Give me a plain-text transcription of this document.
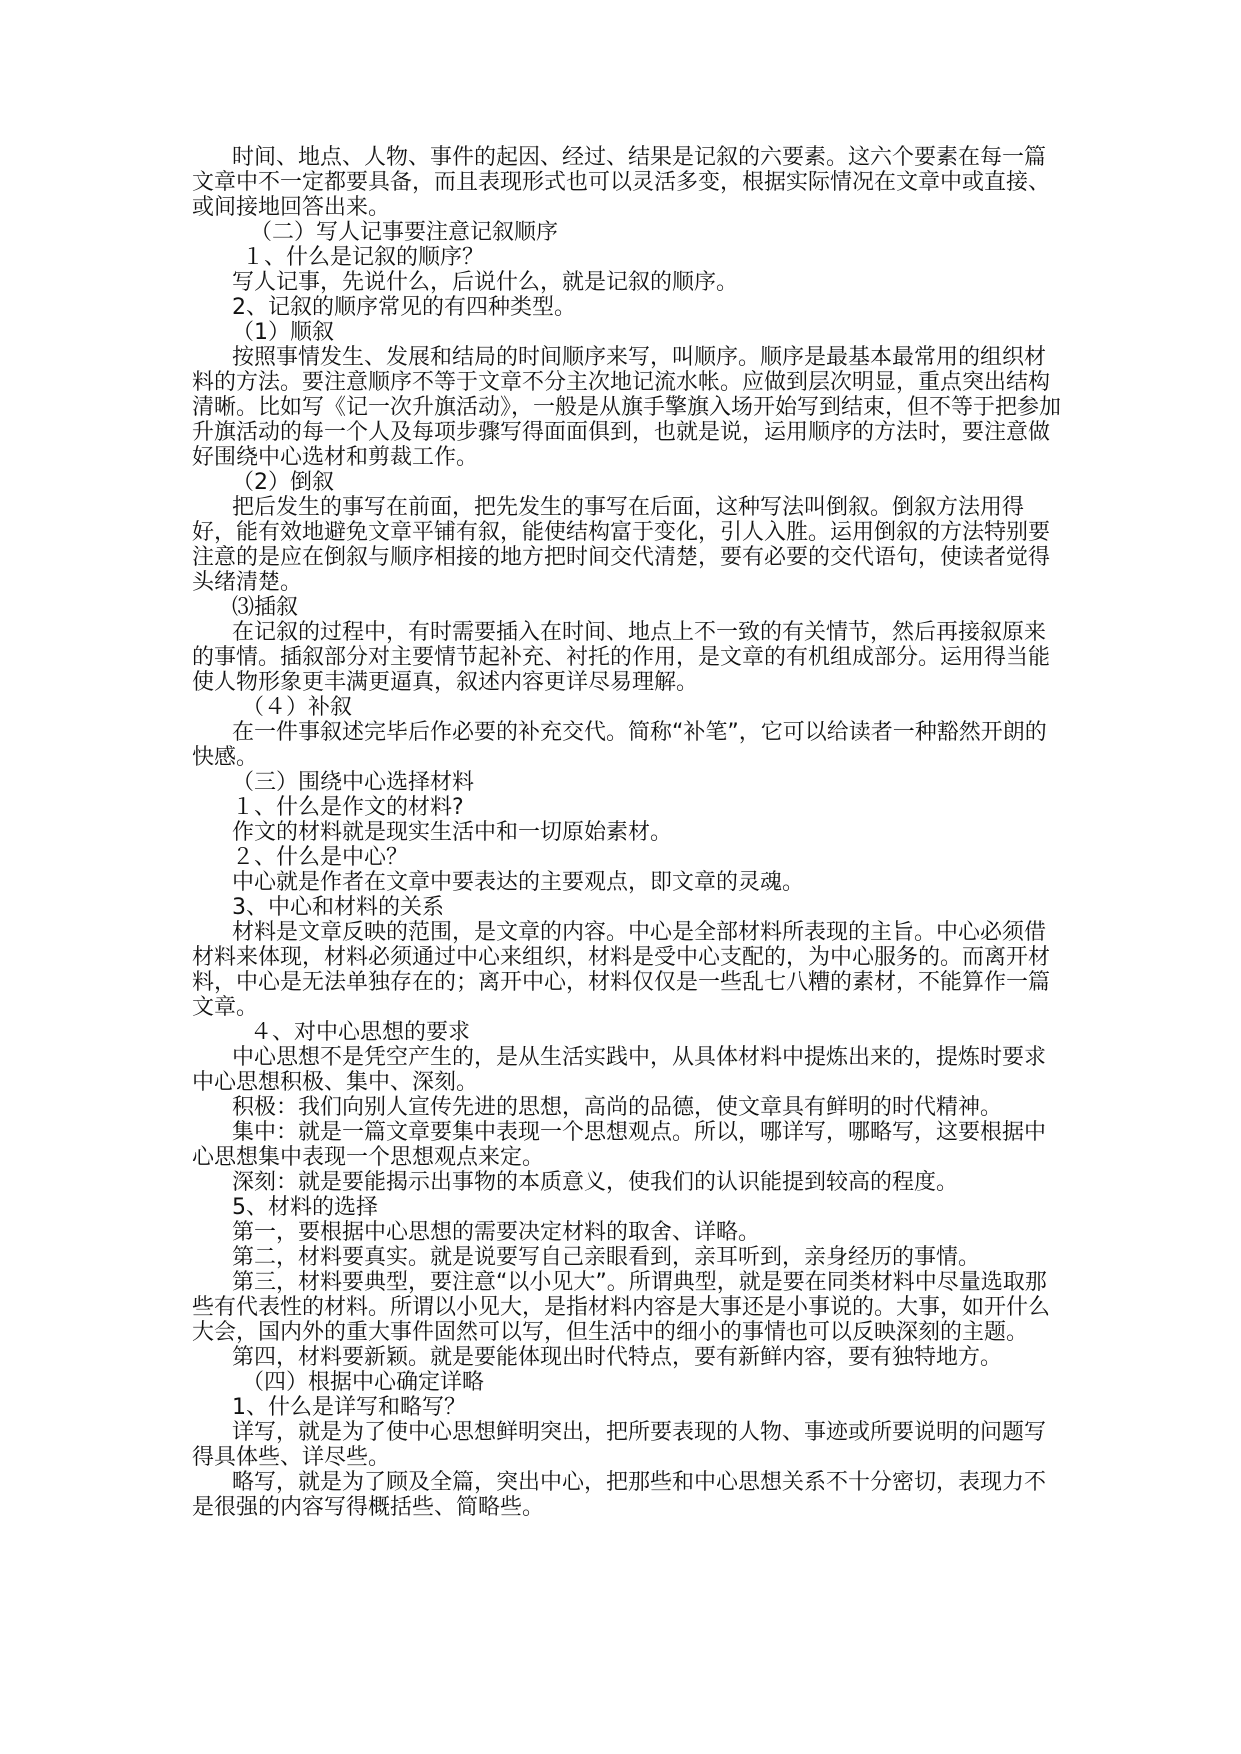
时间、地点、人物、事件的起因、经过、结果是记叙的六要素。这六个要素在每一篇文章中不一定都要具备，而且表现形式也可以灵活多变，根据实际情况在文章中或直接、或间接地回答出来。

（二）写人记事要注意记叙顺序

１、什么是记叙的顺序？

写人记事，先说什么，后说什么，就是记叙的顺序。

2、记叙的顺序常见的有四种类型。

（1）顺叙

按照事情发生、发展和结局的时间顺序来写，叫顺序。顺序是最基本最常用的组织材料的方法。要注意顺序不等于文章不分主次地记流水帐。应做到层次明显，重点突出结构清晰。比如写《记一次升旗活动》，一般是从旗手擎旗入场开始写到结束，但不等于把参加升旗活动的每一个人及每项步骤写得面面俱到，也就是说，运用顺序的方法时，要注意做好围绕中心选材和剪裁工作。

（2）倒叙

把后发生的事写在前面，把先发生的事写在后面，这种写法叫倒叙。倒叙方法用得好，能有效地避免文章平铺有叙，能使结构富于变化，引人入胜。运用倒叙的方法特别要注意的是应在倒叙与顺序相接的地方把时间交代清楚，要有必要的交代语句，使读者觉得头绪清楚。

⑶插叙

在记叙的过程中，有时需要插入在时间、地点上不一致的有关情节，然后再接叙原来的事情。插叙部分对主要情节起补充、衬托的作用，是文章的有机组成部分。运用得当能使人物形象更丰满更逼真，叙述内容更详尽易理解。

（４）补叙

在一件事叙述完毕后作必要的补充交代。简称“补笔”，它可以给读者一种豁然开朗的快感。

（三）围绕中心选择材料

１、什么是作文的材料?

作文的材料就是现实生活中和一切原始素材。

２、什么是中心？

中心就是作者在文章中要表达的主要观点，即文章的灵魂。

3、中心和材料的关系

材料是文章反映的范围，是文章的内容。中心是全部材料所表现的主旨。中心必须借材料来体现，材料必须通过中心来组织，材料是受中心支配的，为中心服务的。而离开材料，中心是无法单独存在的；离开中心，材料仅仅是一些乱七八糟的素材，不能算作一篇文章。

４、对中心思想的要求

中心思想不是凭空产生的，是从生活实践中，从具体材料中提炼出来的，提炼时要求中心思想积极、集中、深刻。

积极：我们向别人宣传先进的思想，高尚的品德，使文章具有鲜明的时代精神。

集中：就是一篇文章要集中表现一个思想观点。所以，哪详写，哪略写，这要根据中心思想集中表现一个思想观点来定。

深刻：就是要能揭示出事物的本质意义，使我们的认识能提到较高的程度。

5、材料的选择

第一，要根据中心思想的需要决定材料的取舍、详略。

第二，材料要真实。就是说要写自己亲眼看到，亲耳听到，亲身经历的事情。

第三，材料要典型，要注意“以小见大”。所谓典型，就是要在同类材料中尽量选取那些有代表性的材料。所谓以小见大，是指材料内容是大事还是小事说的。大事，如开什么大会，国内外的重大事件固然可以写，但生活中的细小的事情也可以反映深刻的主题。

第四，材料要新颖。就是要能体现出时代特点，要有新鲜内容，要有独特地方。

（四）根据中心确定详略

1、什么是详写和略写？

详写，就是为了使中心思想鲜明突出，把所要表现的人物、事迹或所要说明的问题写得具体些、详尽些。

略写，就是为了顾及全篇，突出中心，把那些和中心思想关系不十分密切，表现力不是很强的内容写得概括些、简略些。
